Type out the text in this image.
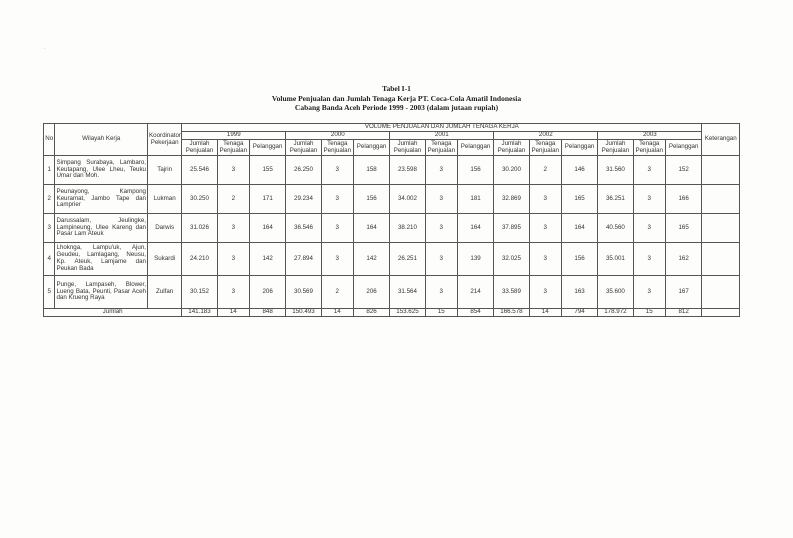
Tabel I-1
Volume Penjualan dan Jumlah Tenaga Kerja PT. Coca-Cola Amatil Indonesia
Cabang Banda Aceh Periode 1999 - 2003 (dalam jutaan rupiah)
No	Wilayah Kerja	Koordinator Pekerjaan	VOLUME PENJUALAN DAN JUMLAH TENAGA KERJA															Keterangan
			1999			2000			2001			2002			2003			
			Jumlah Penjualan	Tenaga Penjualan	Pelanggan	Jumlah Penjualan	Tenaga Penjualan	Pelanggan	Jumlah Penjualan	Tenaga Penjualan	Pelanggan	Jumlah Penjualan	Tenaga Penjualan	Pelanggan	Jumlah Penjualan	Tenaga Penjualan	Pelanggan	
1	Simpang Surabaya, Lambaro, Keutapang, Ulee Lheu, Teuku Umar dan Moh.	Tajrin	25.546	3	155	26.250	3	158	23.598	3	156	30.200	2	146	31.560	3	152	
2	Peunayong, Kampong Keuramat, Jambo Tape dan Lamprier	Lukman	30.250	2	171	29.234	3	156	34.002	3	181	32.869	3	165	36.251	3	166	
3	Darussalam, Jeulingke, Lampineung, Ulee Kareng dan Pasar Lam Ateuk	Darwis	31.026	3	164	36.546	3	164	38.210	3	164	37.895	3	164	40.560	3	165	
4	Lhoknga, Lampu'uk, Ajun, Geudeu, Lamlagang, Neusu, Kp. Ateuk, Lamjame dan Peukan Bada	Sukardi	24.210	3	142	27.894	3	142	26.251	3	139	32.025	3	156	35.001	3	162	
5	Punge, Lampaseh, Blower, Lueng Bata, Peunti, Pasar Aceh dan Krueng Raya	Zulfan	30.152	3	206	30.569	2	206	31.564	3	214	33.589	3	163	35.600	3	167	
Jumlah			141.183	14	848	150.493	14	826	153.625	15	854	166.578	14	794	178.972	15	812	
·
